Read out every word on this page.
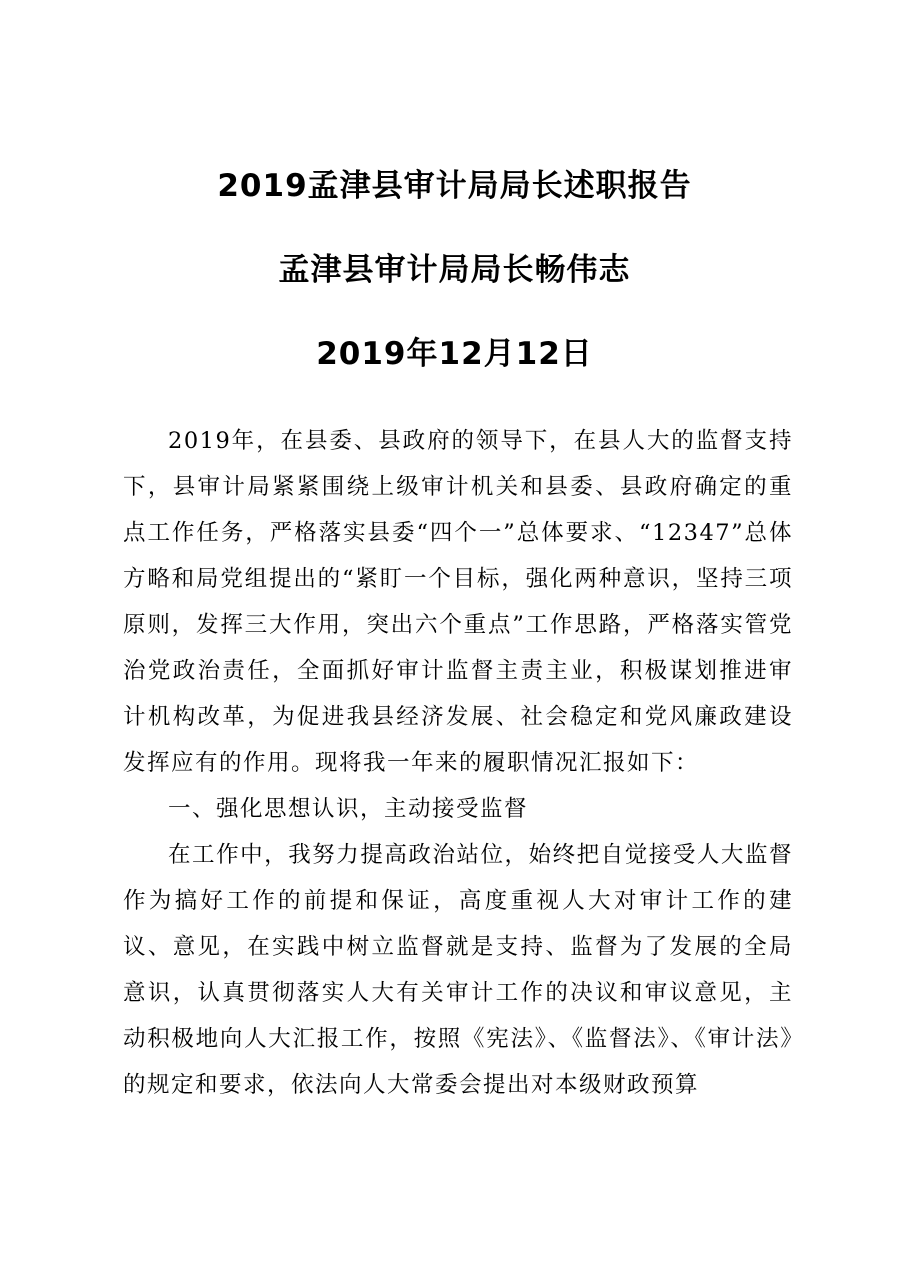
2019孟津县审计局局长述职报告
孟津县审计局局长畅伟志
2019年12月12日

2019年，在县委、县政府的领导下，在县人大的监督支持下，县审计局紧紧围绕上级审计机关和县委、县政府确定的重点工作任务，严格落实县委“四个一”总体要求、“12347”总体方略和局党组提出的“紧盯一个目标，强化两种意识，坚持三项原则，发挥三大作用，突出六个重点”工作思路，严格落实管党治党政治责任，全面抓好审计监督主责主业，积极谋划推进审计机构改革，为促进我县经济发展、社会稳定和党风廉政建设发挥应有的作用。现将我一年来的履职情况汇报如下：

一、强化思想认识，主动接受监督

在工作中，我努力提高政治站位，始终把自觉接受人大监督作为搞好工作的前提和保证，高度重视人大对审计工作的建议、意见，在实践中树立监督就是支持、监督为了发展的全局意识，认真贯彻落实人大有关审计工作的决议和审议意见，主动积极地向人大汇报工作，按照《宪法》、《监督法》、《审计法》的规定和要求，依法向人大常委会提出对本级财政预算
